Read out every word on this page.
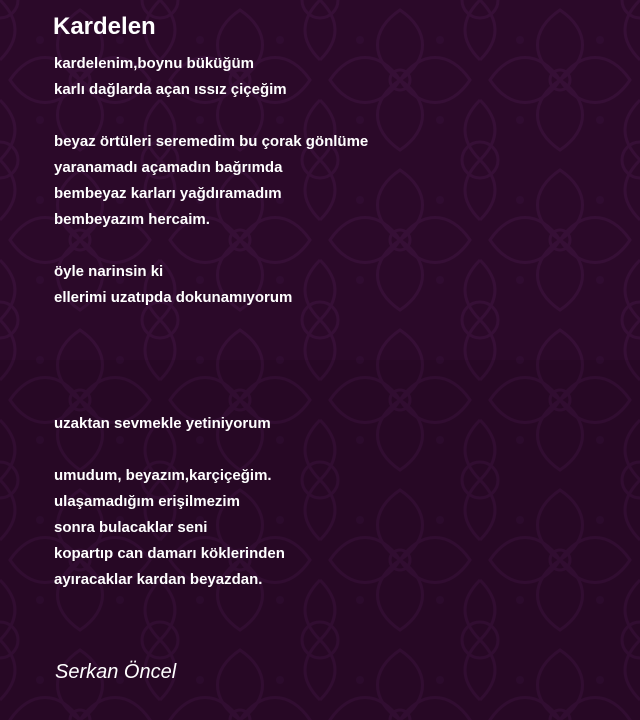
Kardelen
kardelenim,boynu büküğüm
karlı dağlarda açan ıssız çiçeğim
beyaz örtüleri seremedim bu çorak gönlüme
yaranamadı açamadın bağrımda
bembeyaz karları yağdıramadım
bembeyazım hercaim.
öyle narinsin ki
ellerimi uzatıpda dokunamıyorum
uzaktan sevmekle yetiniyorum
umudum, beyazım,karçiçeğim.
ulaşamadığım erişilmezim
sonra bulacaklar seni
kopartıp can damarı köklerinden
ayıracaklar kardan beyazdan.
Serkan Öncel
